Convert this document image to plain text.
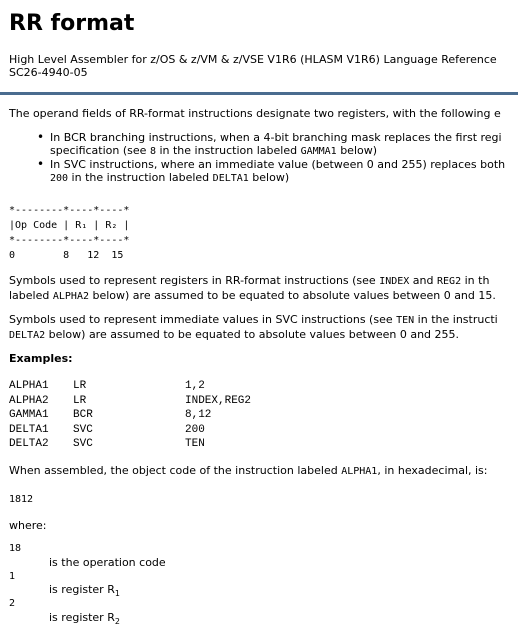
RR format
High Level Assembler for z/OS & z/VM & z/VSE V1R6 (HLASM V1R6) Language Reference
SC26-4940-05
The operand fields of RR-format instructions designate two registers, with the following e
• In BCR branching instructions, when a 4-bit branching mask replaces the first regi
specification (see 8 in the instruction labeled GAMMA1 below)
• In SVC instructions, where an immediate value (between 0 and 255) replaces both
200 in the instruction labeled DELTA1 below)
*--------*----*----*
|Op Code | R₁ | R₂ |
*--------*----*----*
0        8   12  15
Symbols used to represent registers in RR-format instructions (see INDEX and REG2 in th
labeled ALPHA2 below) are assumed to be equated to absolute values between 0 and 15.
Symbols used to represent immediate values in SVC instructions (see TEN in the instructi
DELTA2 below) are assumed to be equated to absolute values between 0 and 255.
Examples:
ALPHA1 LR	1,2
ALPHA2 LR	INDEX,REG2
GAMMA1 BCR	8,12
DELTA1 SVC	200
DELTA2 SVC	TEN
When assembled, the object code of the instruction labeled ALPHA1, in hexadecimal, is:
1812
where:
18
is the operation code
1
is register $R_1$
2
is register $R_2$
